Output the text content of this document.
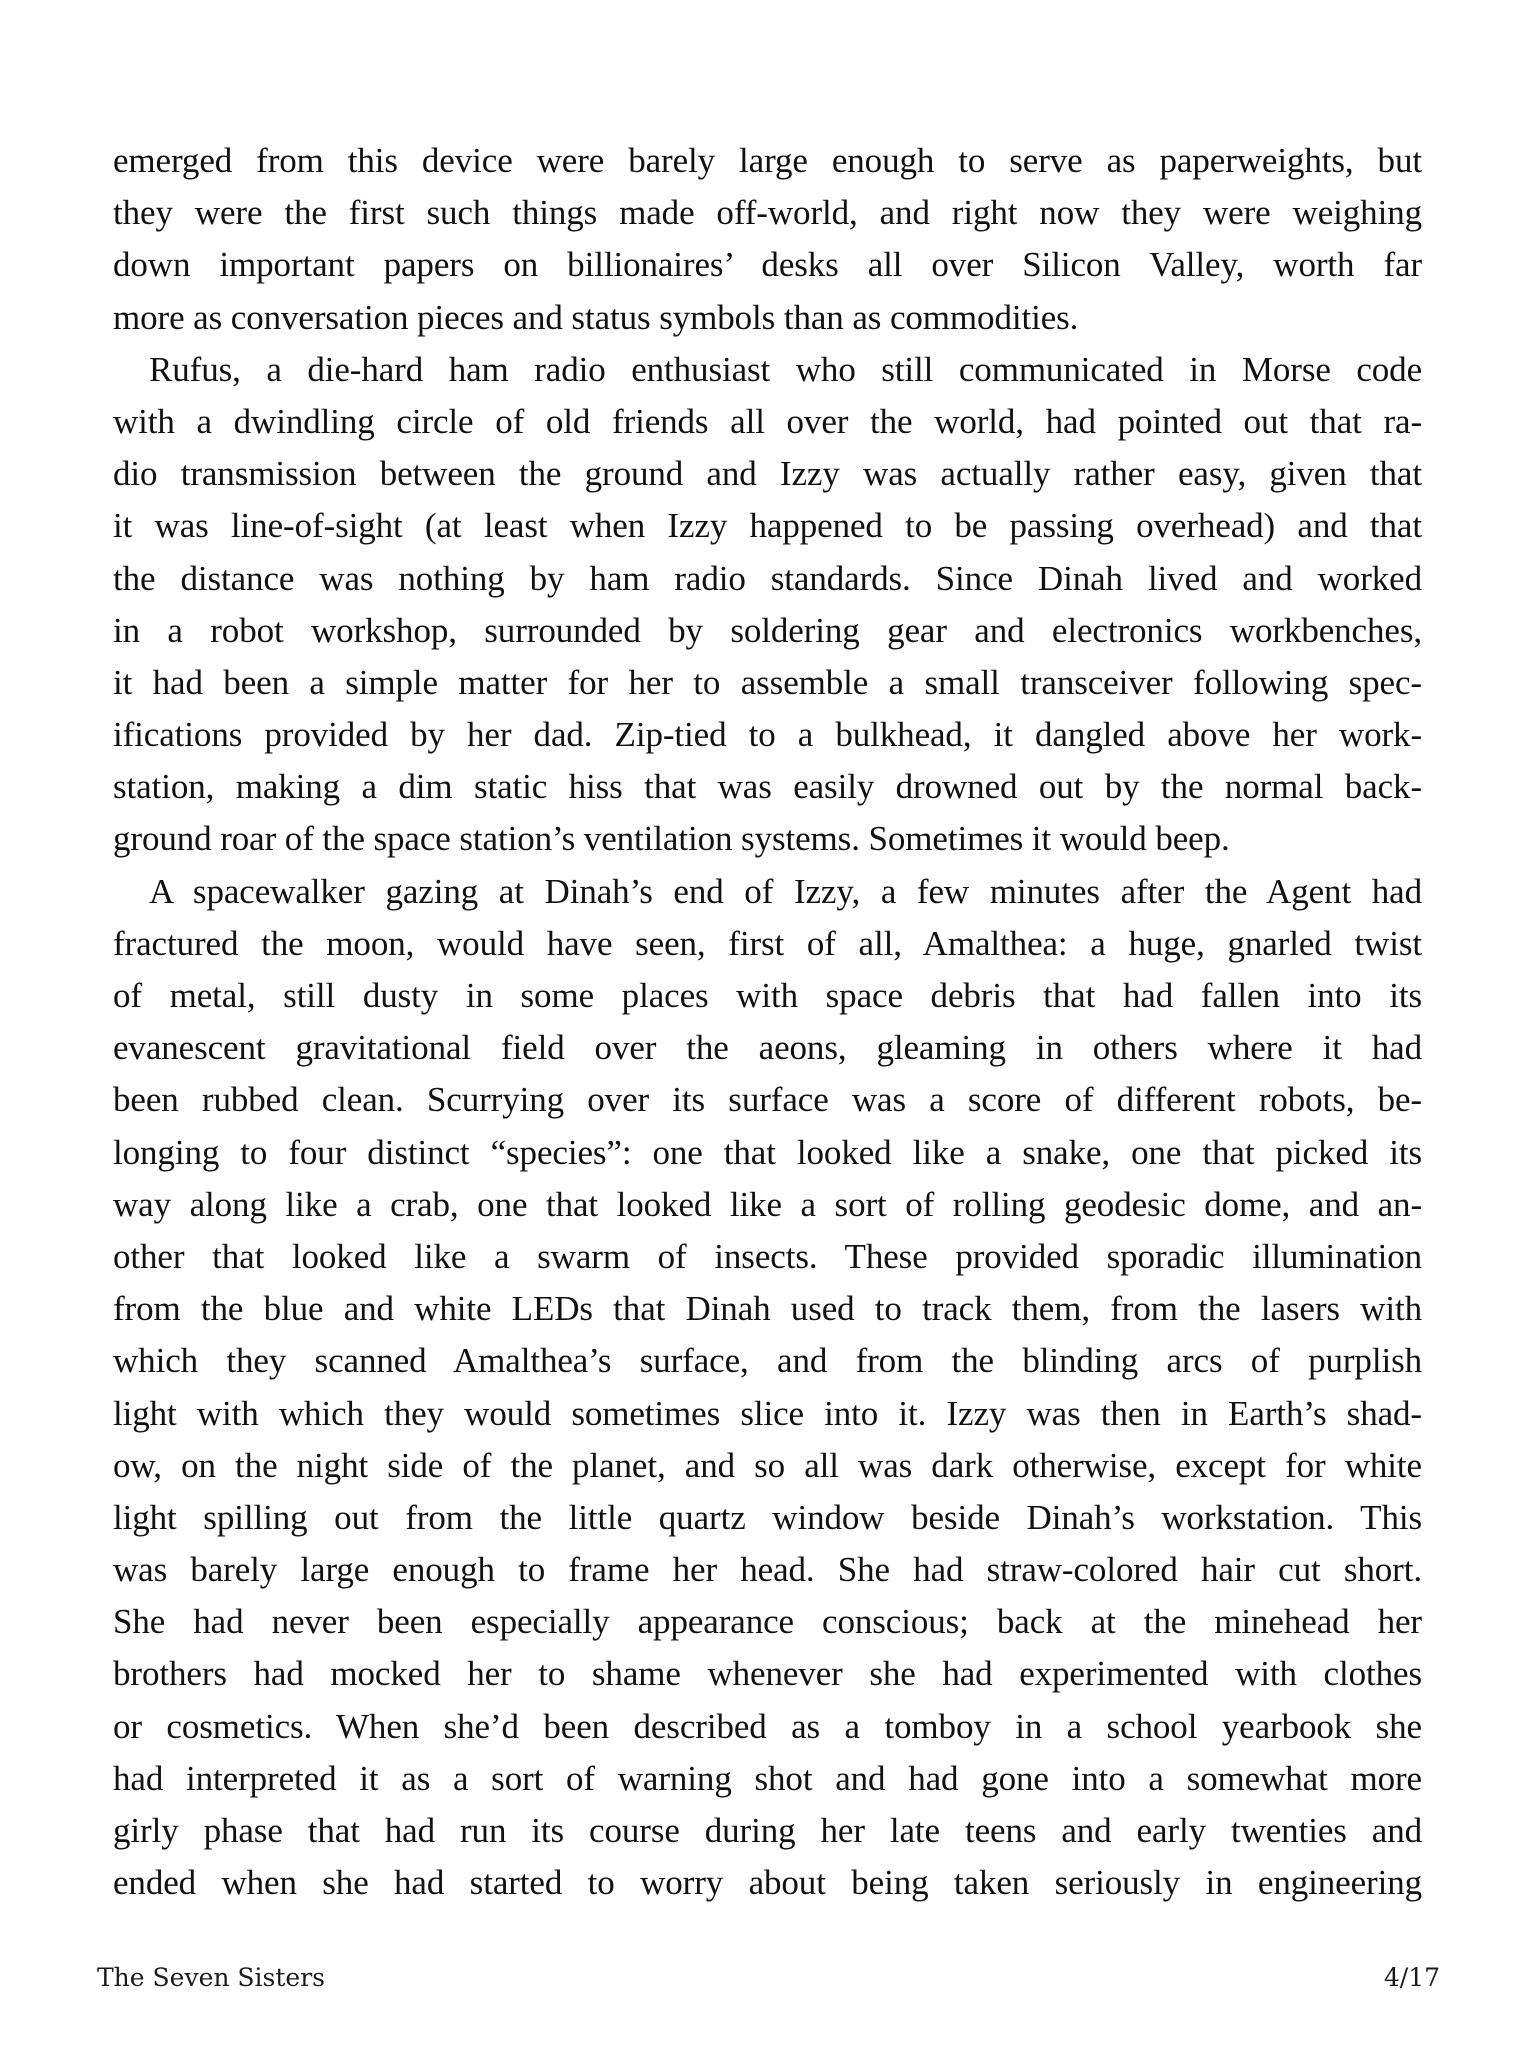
emerged from this device were barely large enough to serve as paperweights, but
they were the first such things made off-world, and right now they were weighing
down important papers on billionaires’ desks all over Silicon Valley, worth far
more as conversation pieces and status symbols than as commodities.
Rufus, a die-hard ham radio enthusiast who still communicated in Morse code
with a dwindling circle of old friends all over the world, had pointed out that ra-
dio transmission between the ground and Izzy was actually rather easy, given that
it was line-of-sight (at least when Izzy happened to be passing overhead) and that
the distance was nothing by ham radio standards. Since Dinah lived and worked
in a robot workshop, surrounded by soldering gear and electronics workbenches,
it had been a simple matter for her to assemble a small transceiver following spec-
ifications provided by her dad. Zip-tied to a bulkhead, it dangled above her work-
station, making a dim static hiss that was easily drowned out by the normal back-
ground roar of the space station’s ventilation systems. Sometimes it would beep.
A spacewalker gazing at Dinah’s end of Izzy, a few minutes after the Agent had
fractured the moon, would have seen, first of all, Amalthea: a huge, gnarled twist
of metal, still dusty in some places with space debris that had fallen into its
evanescent gravitational field over the aeons, gleaming in others where it had
been rubbed clean. Scurrying over its surface was a score of different robots, be-
longing to four distinct “species”: one that looked like a snake, one that picked its
way along like a crab, one that looked like a sort of rolling geodesic dome, and an-
other that looked like a swarm of insects. These provided sporadic illumination
from the blue and white LEDs that Dinah used to track them, from the lasers with
which they scanned Amalthea’s surface, and from the blinding arcs of purplish
light with which they would sometimes slice into it. Izzy was then in Earth’s shad-
ow, on the night side of the planet, and so all was dark otherwise, except for white
light spilling out from the little quartz window beside Dinah’s workstation. This
was barely large enough to frame her head. She had straw-colored hair cut short.
She had never been especially appearance conscious; back at the minehead her
brothers had mocked her to shame whenever she had experimented with clothes
or cosmetics. When she’d been described as a tomboy in a school yearbook she
had interpreted it as a sort of warning shot and had gone into a somewhat more
girly phase that had run its course during her late teens and early twenties and
ended when she had started to worry about being taken seriously in engineering
The Seven Sisters	4/17
